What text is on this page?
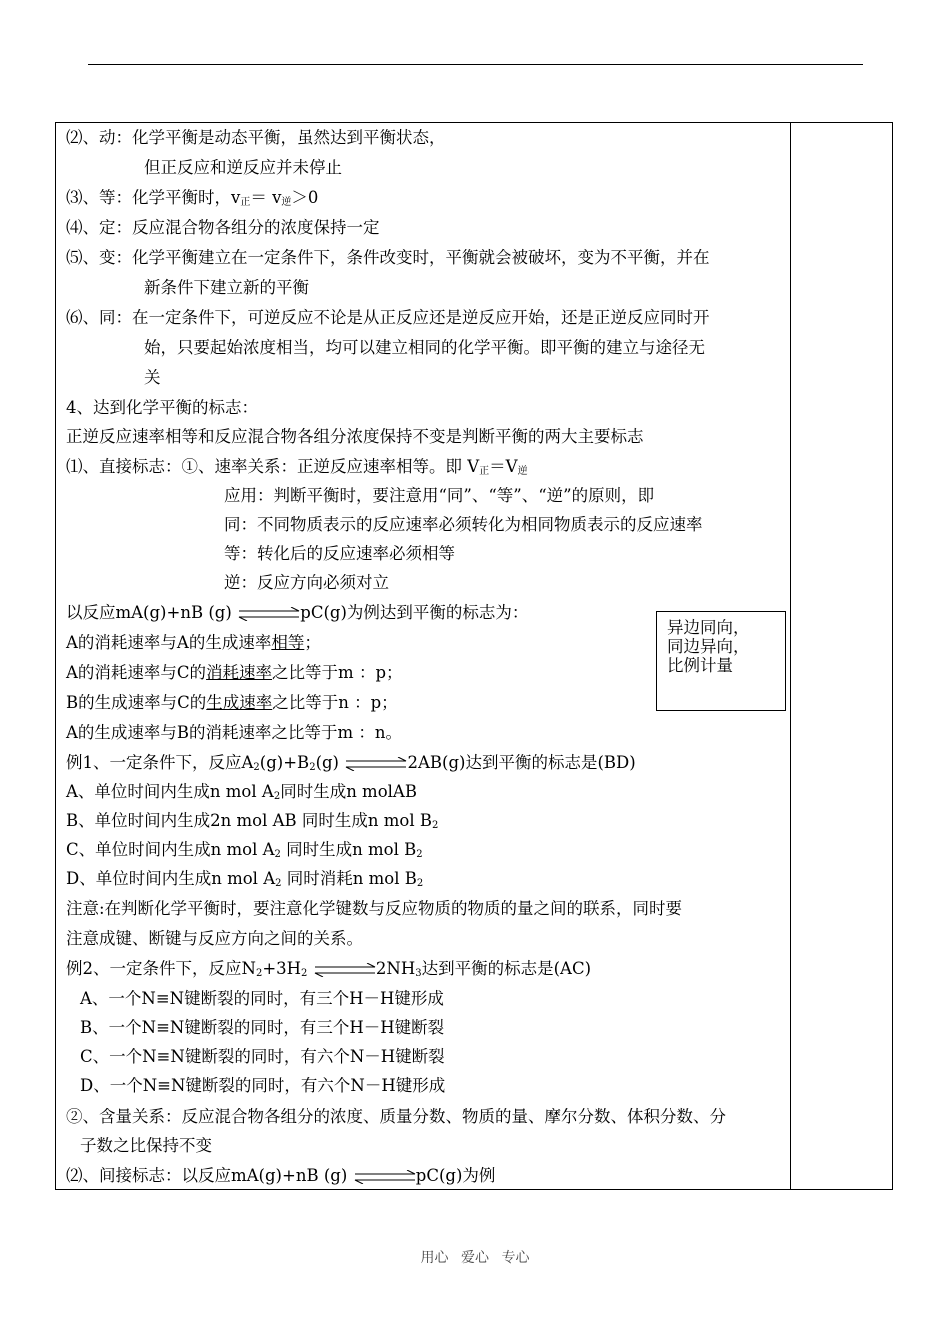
⑵、动：化学平衡是动态平衡，虽然达到平衡状态，
但正反应和逆反应并未停止
⑶、等：化学平衡时，$v_正= v_逆>0$
⑷、定：反应混合物各组分的浓度保持一定
⑸、变：化学平衡建立在一定条件下，条件改变时，平衡就会被破坏，变为不平衡，并在
新条件下建立新的平衡
⑹、同：在一定条件下，可逆反应不论是从正反应还是逆反应开始，还是正逆反应同时开
始，只要起始浓度相当，均可以建立相同的化学平衡。即平衡的建立与途径无
关
4、达到化学平衡的标志：
正逆反应速率相等和反应混合物各组分浓度保持不变是判断平衡的两大主要标志
⑴、直接标志：①、速率关系：正逆反应速率相等。即 $V_正=V_逆$
应用：判断平衡时，要注意用“同”、“等”、“逆”的原则，即
同：不同物质表示的反应速率必须转化为相同物质表示的反应速率
等：转化后的反应速率必须相等
逆：反应方向必须对立
以反应mA(g)+nB (g) ⇌ pC(g)为例达到平衡的标志为：
A的消耗速率与A的生成速率相等；
A的消耗速率与C的消耗速率之比等于m ：p；
B的生成速率与C的生成速率之比等于n ：p；
A的生成速率与B的消耗速率之比等于m ：n。
异边同向，
同边异向，
比例计量
例1、一定条件下，反应$A_2(g)+B_2(g)$ ⇌ 2AB(g)达到平衡的标志是(BD)
A、单位时间内生成n mol $A_2$同时生成n molAB
B、单位时间内生成2n mol AB 同时生成n mol $B_2$
C、单位时间内生成n mol $A_2$ 同时生成n mol $B_2$
D、单位时间内生成n mol $A_2$ 同时消耗n mol $B_2$
注意:在判断化学平衡时，要注意化学键数与反应物质的物质的量之间的联系，同时要
注意成键、断键与反应方向之间的关系。
例2、一定条件下，反应$N_2+3H_2$ ⇌ $2NH_3$达到平衡的标志是(AC)
A、一个N≡N键断裂的同时，有三个H－H键形成
B、一个N≡N键断裂的同时，有三个H－H键断裂
C、一个N≡N键断裂的同时，有六个N－H键断裂
D、一个N≡N键断裂的同时，有六个N－H键形成
②、含量关系：反应混合物各组分的浓度、质量分数、物质的量、摩尔分数、体积分数、分
子数之比保持不变
⑵、间接标志：以反应mA(g)+nB (g) ⇌ pC(g)为例
用心 爱心 专心
